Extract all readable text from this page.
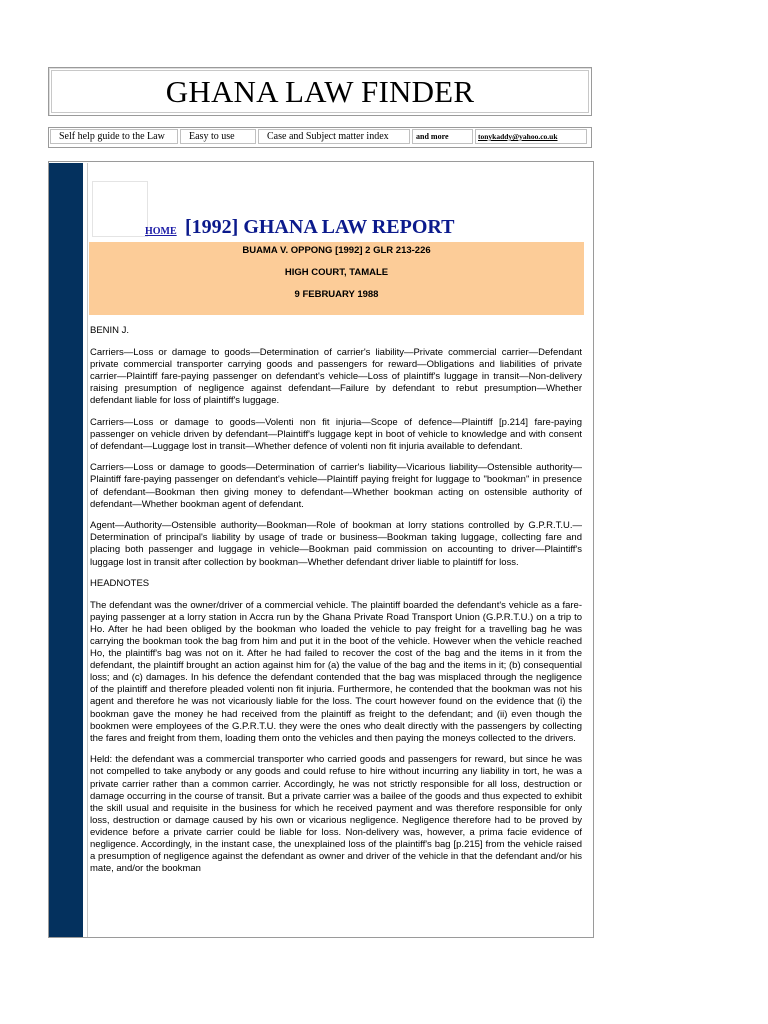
GHANA LAW FINDER
Self help guide to the Law	Easy to use	Case and Subject matter index	and more	tonykaddy@yahoo.co.uk
HOME [1992] GHANA LAW REPORT
BUAMA V. OPPONG [1992] 2 GLR 213-226
HIGH COURT, TAMALE
9 FEBRUARY 1988

BENIN J.

Carriers—Loss or damage to goods—Determination of carrier's liability—Private commercial carrier—Defendant private commercial transporter carrying goods and passengers for reward—Obligations and liabilities of private carrier—Plaintiff fare-paying passenger on defendant's vehicle—Loss of plaintiff's luggage in transit—Non-delivery raising presumption of negligence against defendant—Failure by defendant to rebut presumption—Whether defendant liable for loss of plaintiff's luggage.

Carriers—Loss or damage to goods—Volenti non fit injuria—Scope of defence—Plaintiff [p.214] fare-paying passenger on vehicle driven by defendant—Plaintiff's luggage kept in boot of vehicle to knowledge and with consent of defendant—Luggage lost in transit—Whether defence of volenti non fit injuria available to defendant.

Carriers—Loss or damage to goods—Determination of carrier's liability—Vicarious liability—Ostensible authority—Plaintiff fare-paying passenger on defendant's vehicle—Plaintiff paying freight for luggage to "bookman" in presence of defendant—Bookman then giving money to defendant—Whether bookman acting on ostensible authority of defendant—Whether bookman agent of defendant.

Agent—Authority—Ostensible authority—Bookman—Role of bookman at lorry stations controlled by G.P.R.T.U.—Determination of principal's liability by usage of trade or business—Bookman taking luggage, collecting fare and placing both passenger and luggage in vehicle—Bookman paid commission on accounting to driver—Plaintiff's luggage lost in transit after collection by bookman—Whether defendant driver liable to plaintiff for loss.

HEADNOTES

The defendant was the owner/driver of a commercial vehicle. The plaintiff boarded the defendant's vehicle as a fare-paying passenger at a lorry station in Accra run by the Ghana Private Road Transport Union (G.P.R.T.U.) on a trip to Ho. After he had been obliged by the bookman who loaded the vehicle to pay freight for a travelling bag he was carrying the bookman took the bag from him and put it in the boot of the vehicle. However when the vehicle reached Ho, the plaintiff's bag was not on it. After he had failed to recover the cost of the bag and the items in it from the defendant, the plaintiff brought an action against him for (a) the value of the bag and the items in it; (b) consequential loss; and (c) damages. In his defence the defendant contended that the bag was misplaced through the negligence of the plaintiff and therefore pleaded volenti non fit injuria. Furthermore, he contended that the bookman was not his agent and therefore he was not vicariously liable for the loss. The court however found on the evidence that (i) the bookman gave the money he had received from the plaintiff as freight to the defendant; and (ii) even though the bookmen were employees of the G.P.R.T.U. they were the ones who dealt directly with the passengers by collecting the fares and freight from them, loading them onto the vehicles and then paying the moneys collected to the drivers.

Held: the defendant was a commercial transporter who carried goods and passengers for reward, but since he was not compelled to take anybody or any goods and could refuse to hire without incurring any liability in tort, he was a private carrier rather than a common carrier. Accordingly, he was not strictly responsible for all loss, destruction or damage occurring in the course of transit. But a private carrier was a bailee of the goods and thus expected to exhibit the skill usual and requisite in the business for which he received payment and was therefore responsible for only loss, destruction or damage caused by his own or vicarious negligence. Negligence therefore had to be proved by evidence before a private carrier could be liable for loss. Non-delivery was, however, a prima facie evidence of negligence. Accordingly, in the instant case, the unexplained loss of the plaintiff's bag [p.215] from the vehicle raised a presumption of negligence against the defendant as owner and driver of the vehicle in that the defendant and/or his mate, and/or the bookman
